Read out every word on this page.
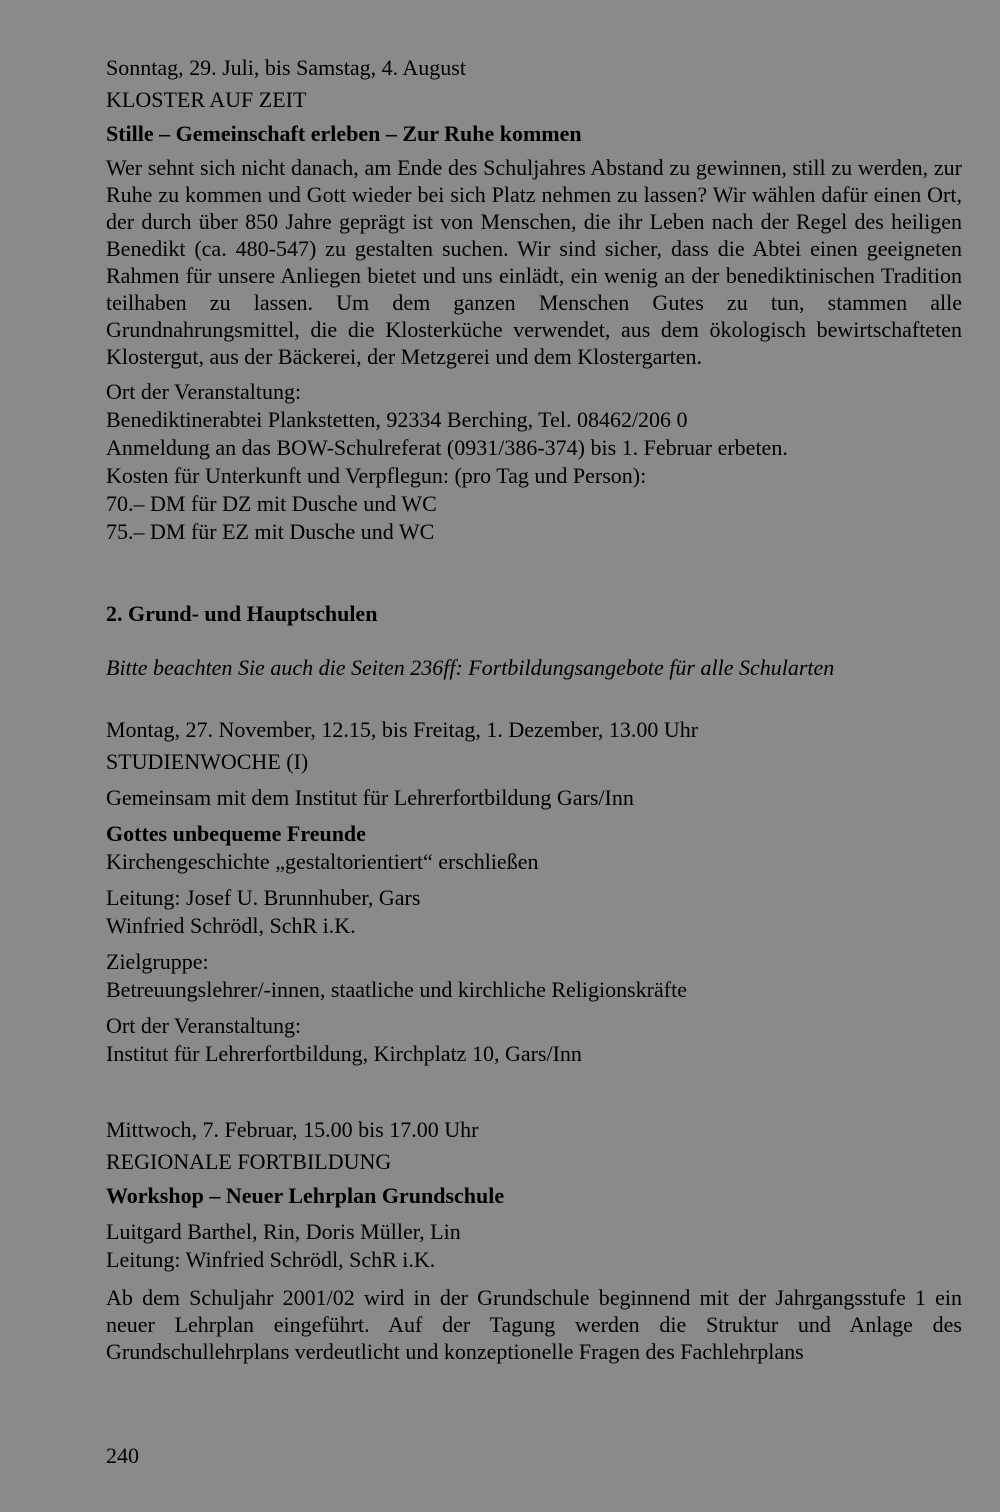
Sonntag, 29. Juli, bis Samstag, 4. August
KLOSTER AUF ZEIT
Stille – Gemeinschaft erleben – Zur Ruhe kommen
Wer sehnt sich nicht danach, am Ende des Schuljahres Abstand zu gewinnen, still zu werden, zur Ruhe zu kommen und Gott wieder bei sich Platz nehmen zu lassen? Wir wählen dafür einen Ort, der durch über 850 Jahre geprägt ist von Menschen, die ihr Leben nach der Regel des heiligen Benedikt (ca. 480-547) zu gestalten suchen. Wir sind sicher, dass die Abtei einen geeigneten Rahmen für unsere Anliegen bietet und uns einlädt, ein wenig an der benediktinischen Tradition teilhaben zu lassen. Um dem ganzen Menschen Gutes zu tun, stammen alle Grundnahrungsmittel, die die Klosterküche verwendet, aus dem ökologisch bewirtschafteten Klostergut, aus der Bäckerei, der Metzgerei und dem Klostergarten.
Ort der Veranstaltung:
Benediktinerabtei Plankstetten, 92334 Berching, Tel. 08462/206 0
Anmeldung an das BOW-Schulreferat (0931/386-374) bis 1. Februar erbeten.
Kosten für Unterkunft und Verpflegun: (pro Tag und Person):
70.– DM für DZ mit Dusche und WC
75.– DM für EZ mit Dusche und WC
2. Grund- und Hauptschulen
Bitte beachten Sie auch die Seiten 236ff: Fortbildungsangebote für alle Schularten
Montag, 27. November, 12.15, bis Freitag, 1. Dezember, 13.00 Uhr
STUDIENWOCHE (I)
Gemeinsam mit dem Institut für Lehrerfortbildung Gars/Inn
Gottes unbequeme Freunde
Kirchengeschichte „gestaltorientiert“ erschließen
Leitung: Josef U. Brunnhuber, Gars
Winfried Schrödl, SchR i.K.
Zielgruppe:
Betreuungslehrer/-innen, staatliche und kirchliche Religionskräfte
Ort der Veranstaltung:
Institut für Lehrerfortbildung, Kirchplatz 10, Gars/Inn
Mittwoch, 7. Februar, 15.00 bis 17.00 Uhr
REGIONALE FORTBILDUNG
Workshop – Neuer Lehrplan Grundschule
Luitgard Barthel, Rin, Doris Müller, Lin
Leitung: Winfried Schrödl, SchR i.K.
Ab dem Schuljahr 2001/02 wird in der Grundschule beginnend mit der Jahrgangsstufe 1 ein neuer Lehrplan eingeführt. Auf der Tagung werden die Struktur und Anlage des Grundschullehrplans verdeutlicht und konzeptionelle Fragen des Fachlehrplans
240
